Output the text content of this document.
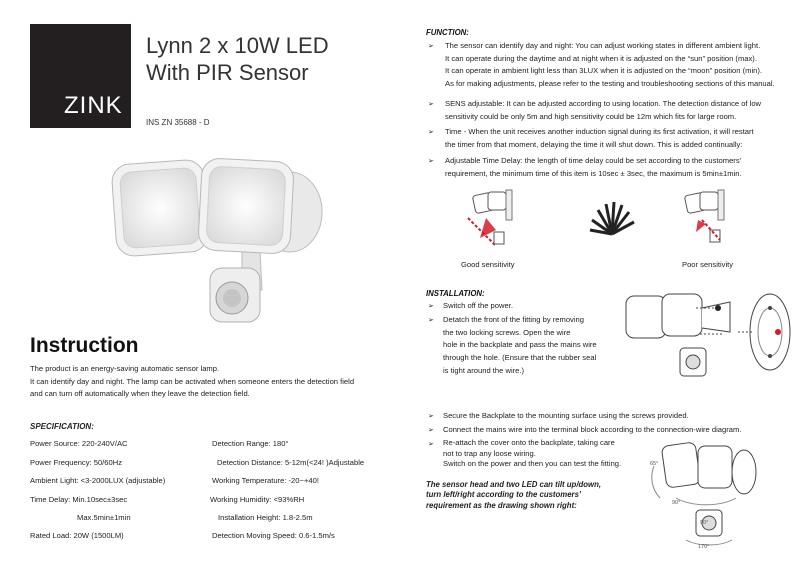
ZINK
Lynn 2 x 10W LED
With PIR Sensor
INS ZN 35688 - D
Instruction
The product is an energy-saving automatic sensor lamp.
It can identify day and night. The lamp can be activated when someone enters the detection field
and can turn off automatically when they leave the detection field.
SPECIFICATION:
Power Source: 220-240V/AC
Power Frequency: 50/60Hz
Ambient Light: <3-2000LUX (adjustable)
Time Delay: Min.10sec±3sec
Max.5min±1min
Rated Load: 20W (1500LM)
Detection Range: 180°
Detection Distance: 5-12m(<24! )Adjustable
Working Temperature: -20~+40!
Working Humidity: <93%RH
Installation Height: 1.8-2.5m
Detection Moving Speed: 0.6-1.5m/s
FUNCTION:
➢ The sensor can identify day and night: You can adjust working states in different ambient light.
It can operate during the daytime and at night when it is adjusted on the “sun” position (max).
It can operate in ambient light less than 3LUX when it is adjusted on the “moon” position (min).
As for making adjustments, please refer to the testing and troubleshooting sections of this manual.
➢ SENS adjustable: It can be adjusted according to using location. The detection distance of low
sensitivity could be only 5m and high sensitivity could be 12m which fits for large room.
➢ Time - When the unit receives another induction signal during its first activation, it will restart
the timer from that moment, delaying the time it will shut down. This is added continually:
➢ Adjustable Time Delay: the length of time delay could be set according to the customers’
requirement, the minimum time of this item is 10sec ± 3sec, the maximum is 5min±1min.
Good sensitivity	Poor sensitivity
INSTALLATION:
➢ Switch off the power.
➢ Detatch the front of the fitting by removing
the two locking screws. Open the wire
hole in the backplate and pass the mains wire
through the hole. (Ensure that the rubber seal
is tight around the wire.)
➢ Secure the Backplate to the mounting surface using the screws provided.
➢ Connect the mains wire into the terminal block according to the connection-wire diagram.
➢ Re-attach the cover onto the backplate, taking care
not to trap any loose wiring.
Switch on the power and then you can test the fitting.
The sensor head and two LED can tilt up/down,
turn left/right according to the customers’
requirement as the drawing shown right:
65°
90°
90°
170°
